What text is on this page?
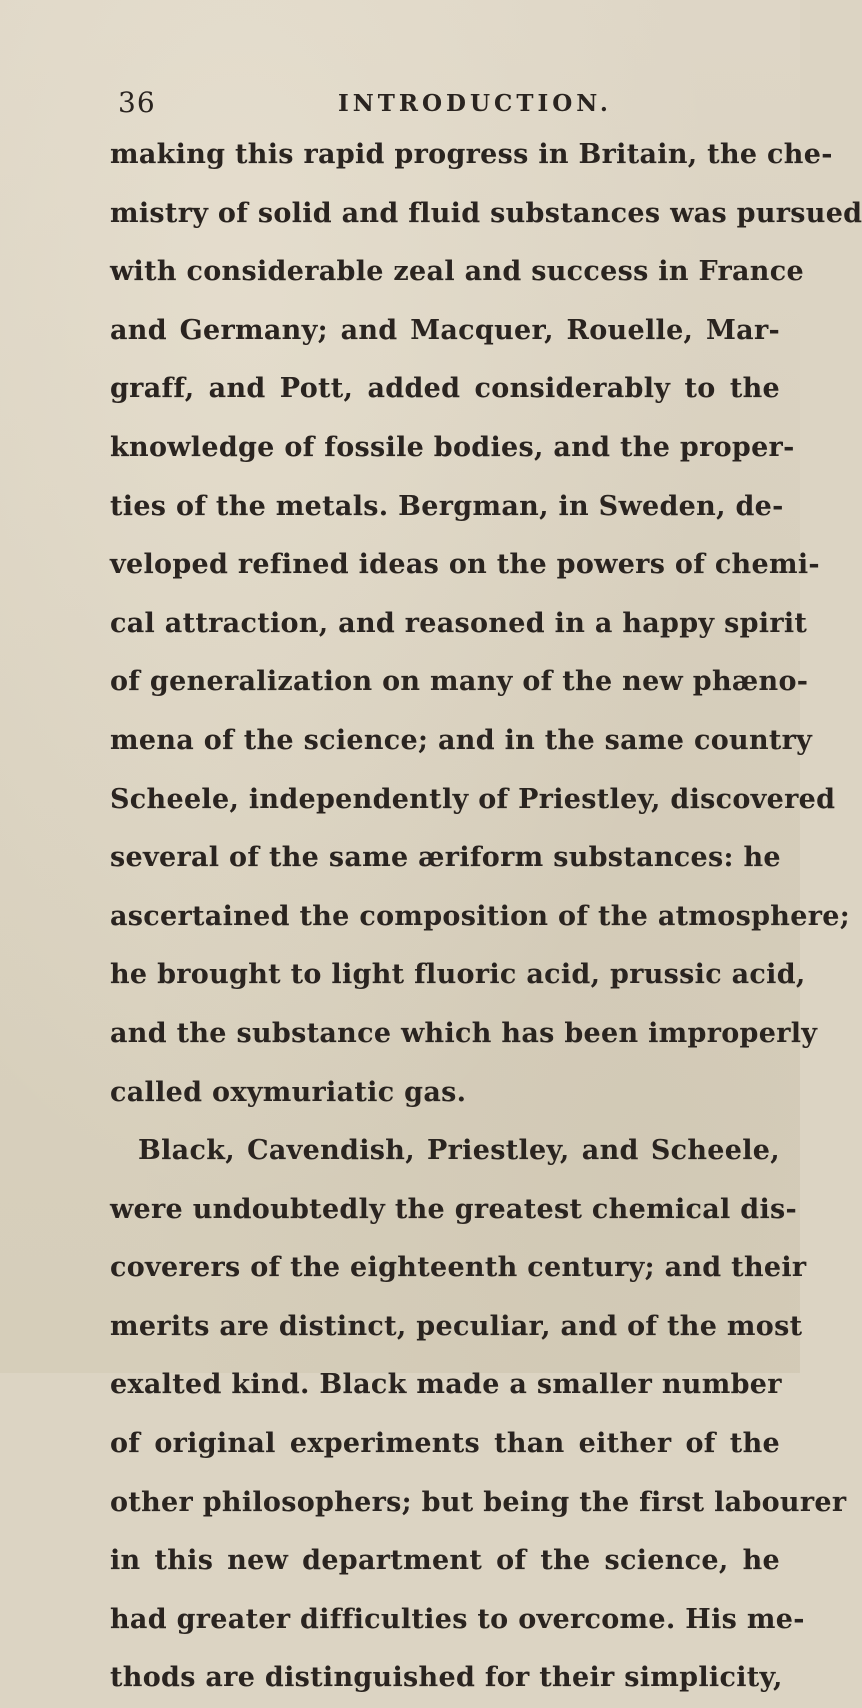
36	INTRODUCTION.
making this rapid progress in Britain, the che-
mistry of solid and fluid substances was pursued
with considerable zeal and success in France
and Germany; and Macquer, Rouelle, Mar-
graff, and Pott, added considerably to the
knowledge of fossile bodies, and the proper-
ties of the metals. Bergman, in Sweden, de-
veloped refined ideas on the powers of chemi-
cal attraction, and reasoned in a happy spirit
of generalization on many of the new phæno-
mena of the science; and in the same country
Scheele, independently of Priestley, discovered
several of the same æriform substances: he
ascertained the composition of the atmosphere;
he brought to light fluoric acid, prussic acid,
and the substance which has been improperly
called oxymuriatic gas.
Black, Cavendish, Priestley, and Scheele,
were undoubtedly the greatest chemical dis-
coverers of the eighteenth century; and their
merits are distinct, peculiar, and of the most
exalted kind. Black made a smaller number
of original experiments than either of the
other philosophers; but being the first labourer
in this new department of the science, he
had greater difficulties to overcome. His me-
thods are distinguished for their simplicity,
